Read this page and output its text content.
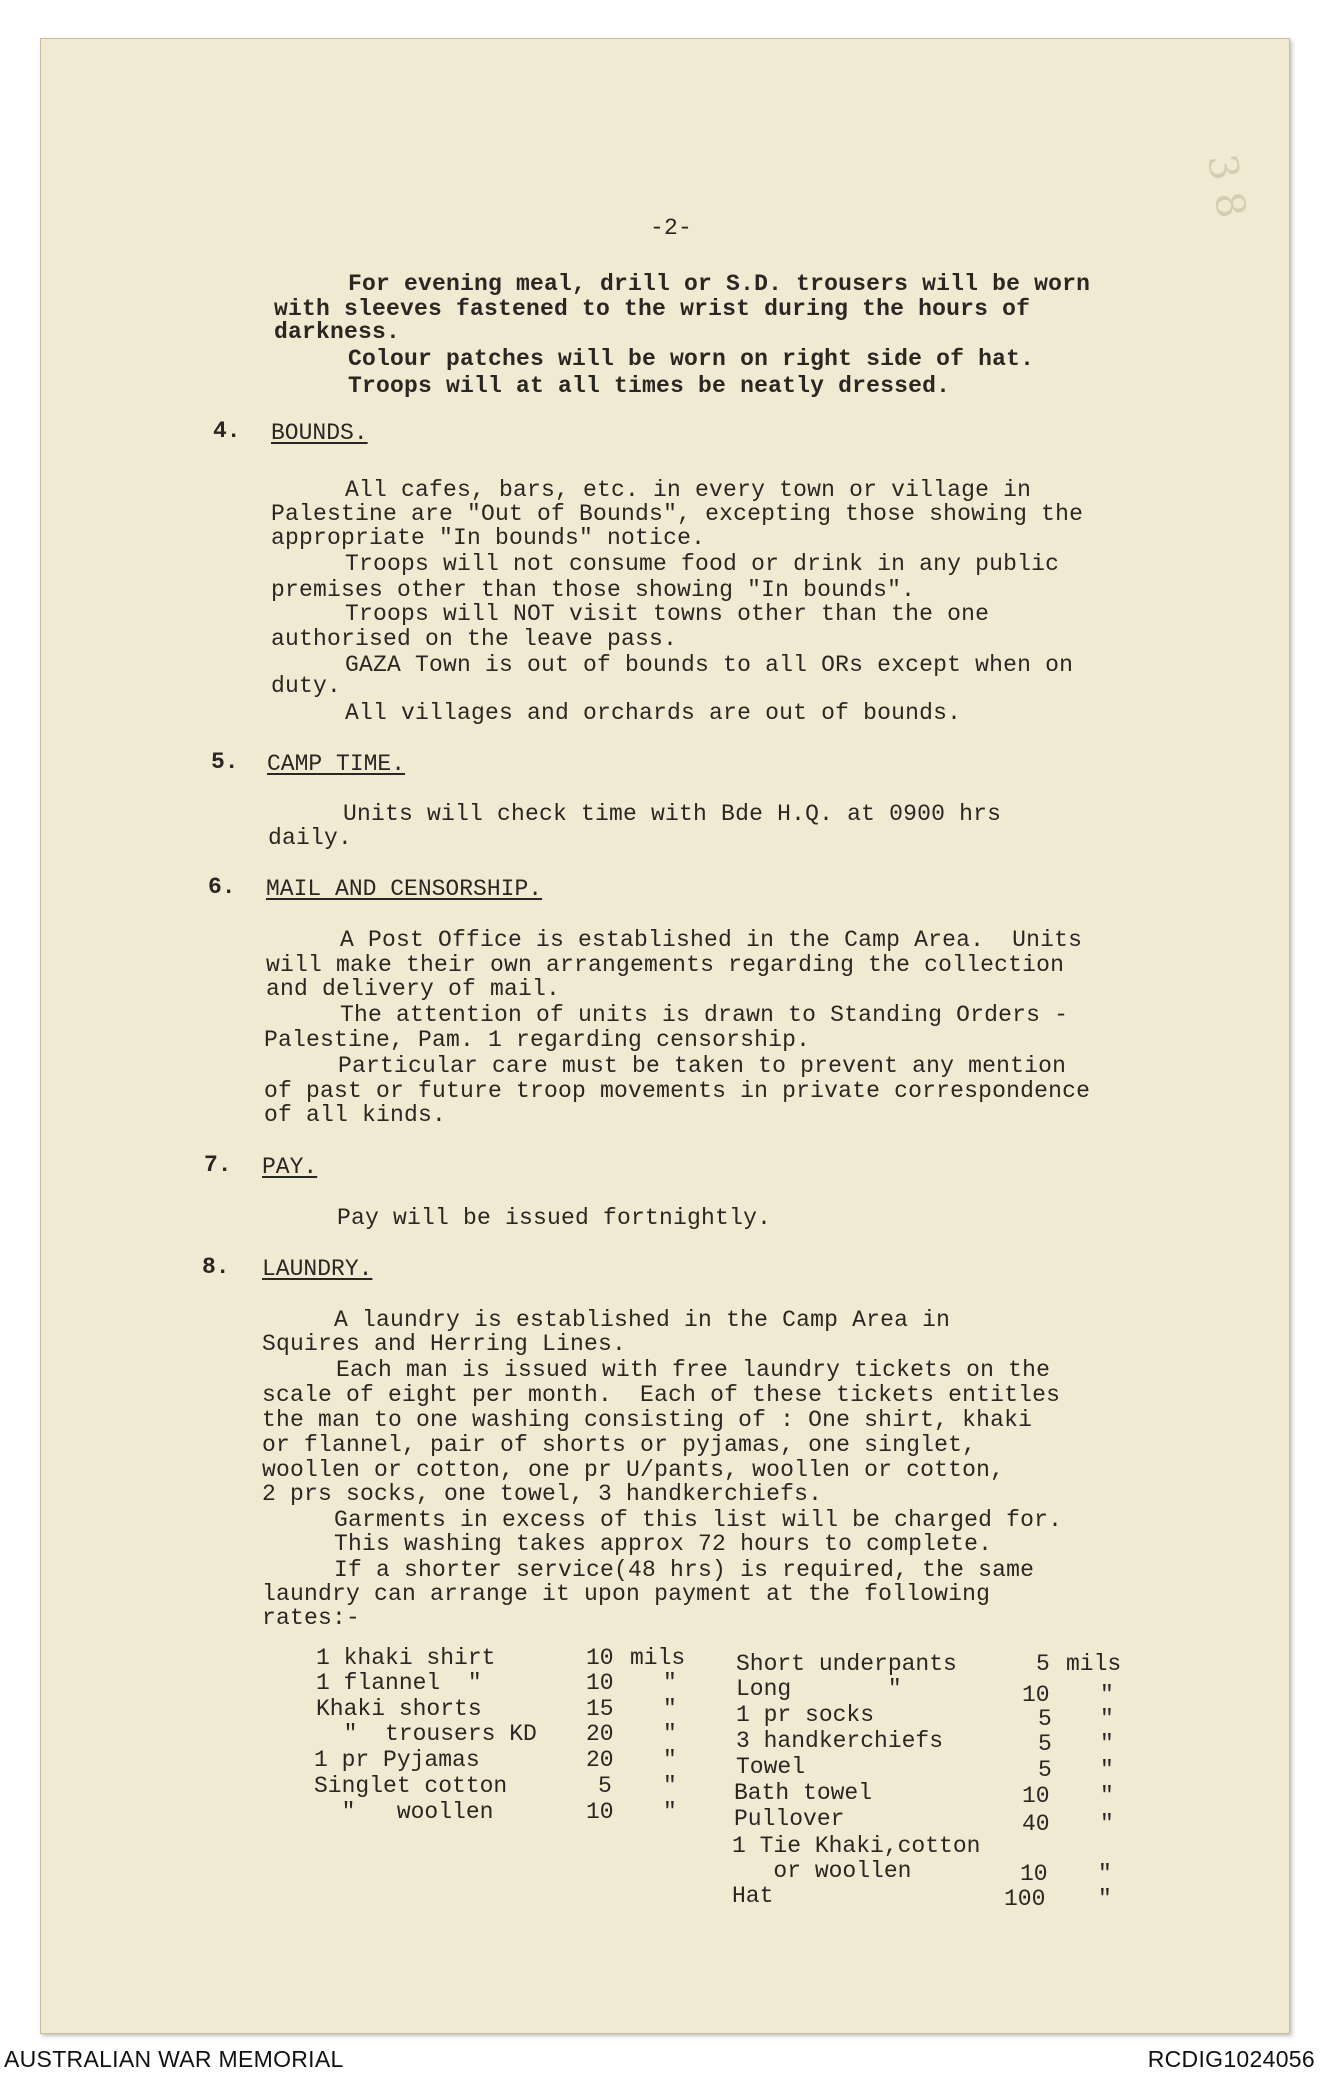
3 8
-2-
For evening meal, drill or S.D. trousers will be worn
with sleeves fastened to the wrist during the hours of
darkness.
Colour patches will be worn on right side of hat.
Troops will at all times be neatly dressed.
4. BOUNDS.
All cafes, bars, etc. in every town or village in
Palestine are "Out of Bounds", excepting those showing the
appropriate "In bounds" notice.
Troops will not consume food or drink in any public
premises other than those showing "In bounds".
Troops will NOT visit towns other than the one
authorised on the leave pass.
GAZA Town is out of bounds to all ORs except when on
duty.
All villages and orchards are out of bounds.
5. CAMP TIME.
Units will check time with Bde H.Q. at 0900 hrs
daily.
6. MAIL AND CENSORSHIP.
A Post Office is established in the Camp Area.  Units
will make their own arrangements regarding the collection
and delivery of mail.
The attention of units is drawn to Standing Orders -
Palestine, Pam. 1 regarding censorship.
Particular care must be taken to prevent any mention
of past or future troop movements in private correspondence
of all kinds.
7. PAY.
Pay will be issued fortnightly.
8. LAUNDRY.
A laundry is established in the Camp Area in
Squires and Herring Lines.
Each man is issued with free laundry tickets on the
scale of eight per month.  Each of these tickets entitles
the man to one washing consisting of : One shirt, khaki
or flannel, pair of shorts or pyjamas, one singlet,
woollen or cotton, one pr U/pants, woollen or cotton,
2 prs socks, one towel, 3 handkerchiefs.
Garments in excess of this list will be charged for.
This washing takes approx 72 hours to complete.
If a shorter service(48 hrs) is required, the same
laundry can arrange it upon payment at the following
rates:-
1 khaki shirt	10 mils
1 flannel  "	10 "
Khaki shorts	15 "
"  trousers KD 20 "
1 pr Pyjamas	20 "
Singlet cotton	5 "
"   woollen	10 "
Short underpants	5 mils
Long       "	10 "
1 pr socks	5 "
3 handkerchiefs	5 "
Towel	5 "
Bath towel	10 "
Pullover	40 "
1 Tie Khaki,cotton
or woollen	10 "
Hat	100 "
AUSTRALIAN WAR MEMORIAL	RCDIG1024056
